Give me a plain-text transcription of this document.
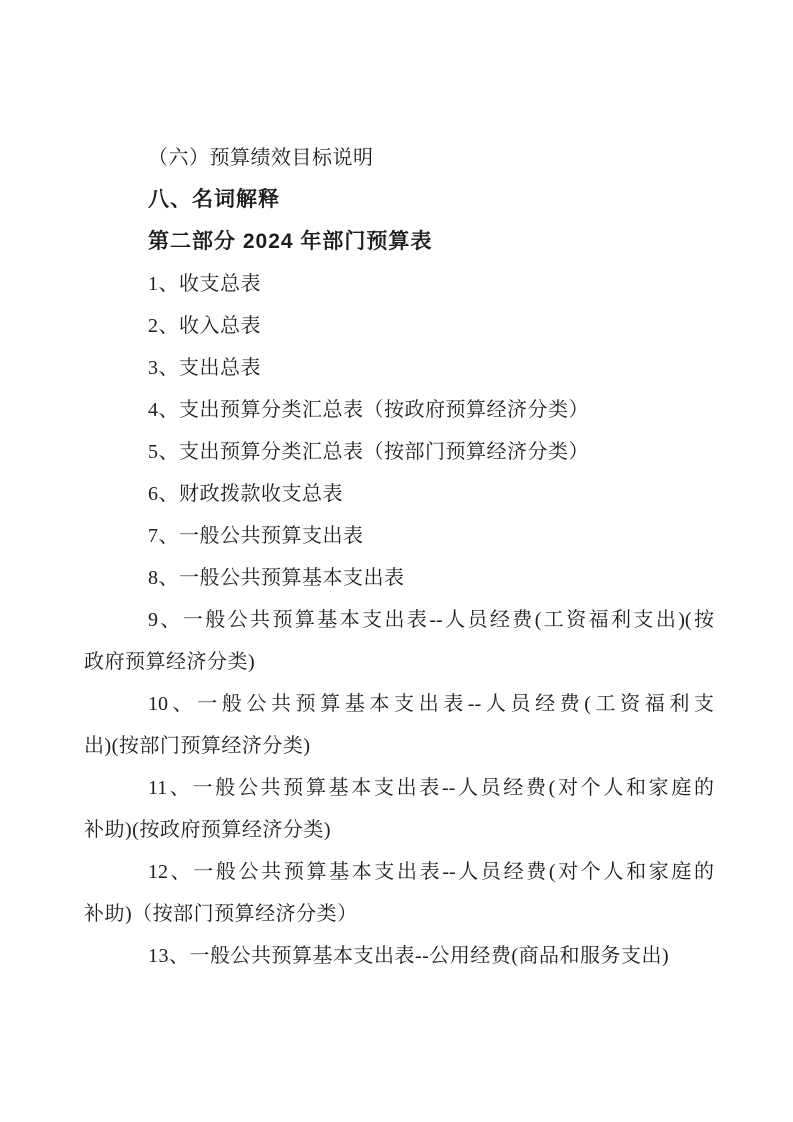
（六）预算绩效目标说明

八、名词解释

第二部分 2024 年部门预算表

1、收支总表

2、收入总表

3、支出总表

4、支出预算分类汇总表（按政府预算经济分类）

5、支出预算分类汇总表（按部门预算经济分类）

6、财政拨款收支总表

7、一般公共预算支出表

8、一般公共预算基本支出表

9、一般公共预算基本支出表--人员经费(工资福利支出)(按

政府预算经济分类)

10、一般公共预算基本支出表--人员经费(工资福利支

出)(按部门预算经济分类)

11、一般公共预算基本支出表--人员经费(对个人和家庭的

补助)(按政府预算经济分类)

12、一般公共预算基本支出表--人员经费(对个人和家庭的

补助)（按部门预算经济分类）

13、一般公共预算基本支出表--公用经费(商品和服务支出)
